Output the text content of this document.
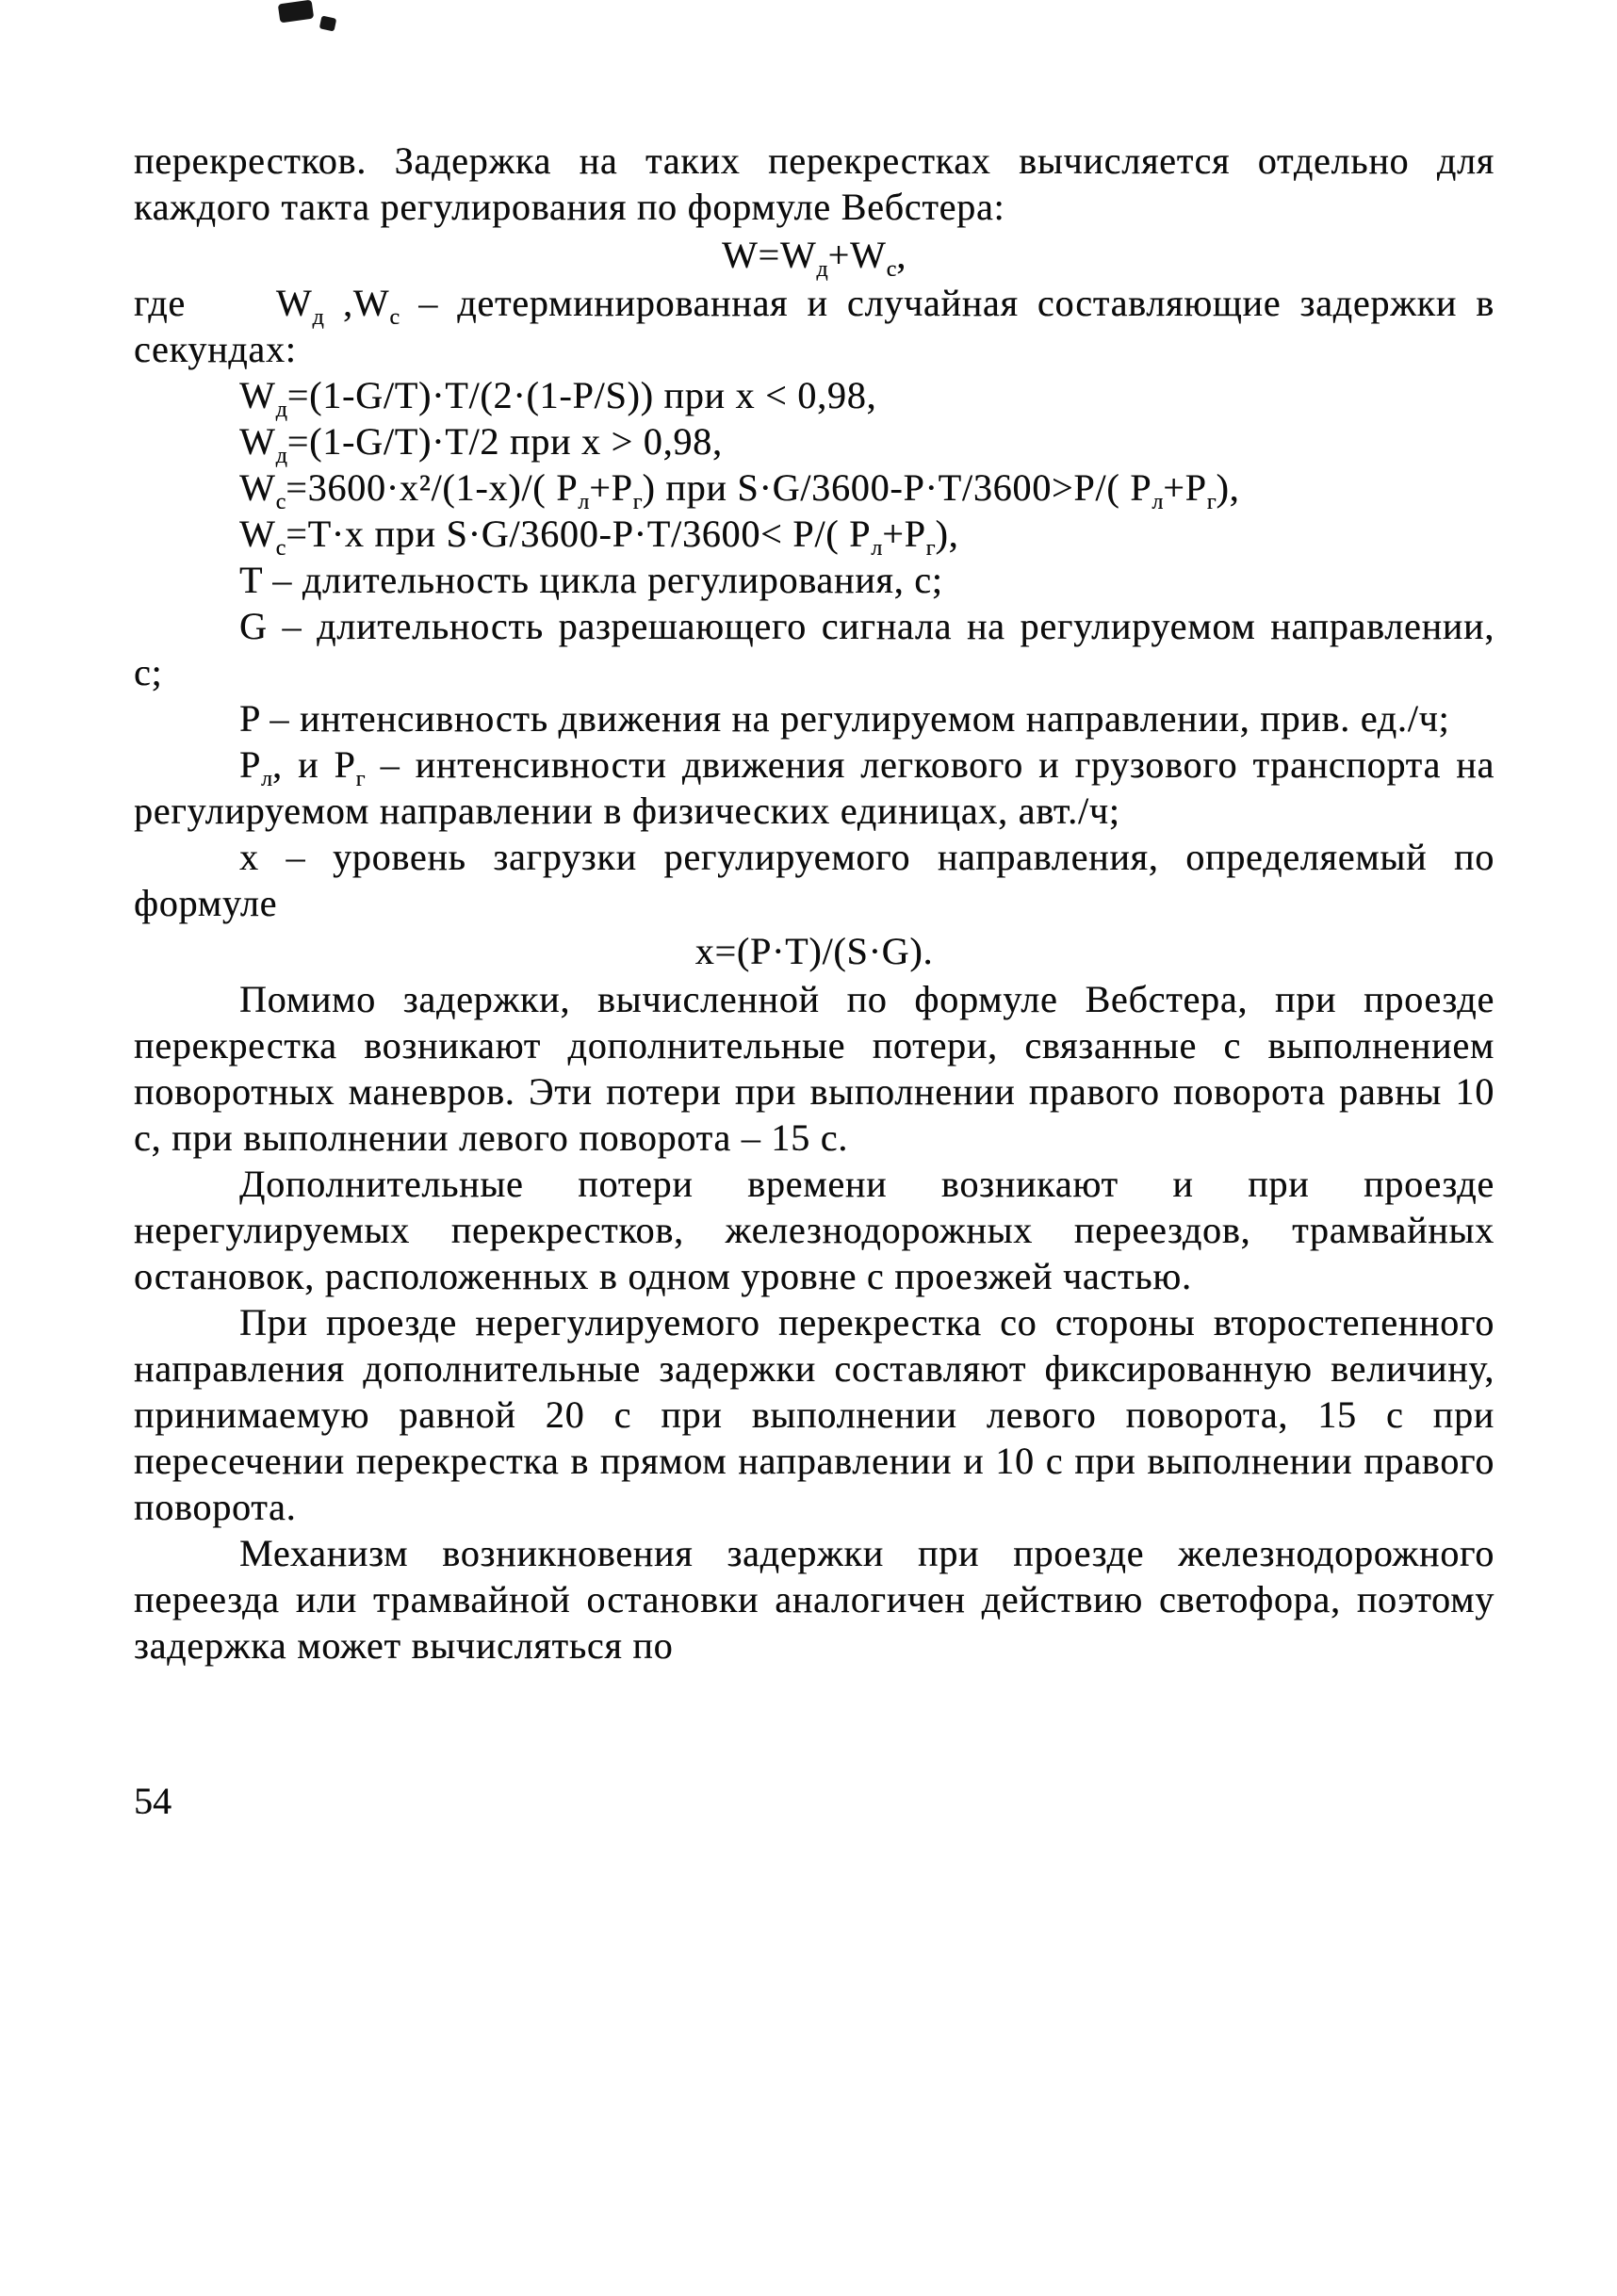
перекрестков. Задержка на таких перекрестках вычисляется отдельно для каждого такта регулирования по формуле Вебстера:

$W=W_д+W_с$,

где $W_д$ $,W_с$ – детерминированная и случайная составляющие задержки в секундах:

$W_д=(1-G/T)\cdot T/(2\cdot(1-P/S))$ при x < 0,98,
$W_д=(1-G/T)\cdot T/2$ при x > 0,98,
$W_с=3600\cdot x^2/(1-x)/$( $P_л+P_г$) при S·G/3600-P·T/3600>P/( $P_л+P_г$),
$W_с=T\cdot x$ при S·G/3600-P·T/3600< P/( $P_л+P_г$),

T – длительность цикла регулирования, с;

G – длительность разрешающего сигнала на регулируемом направлении, с;

P – интенсивность движения на регулируемом направлении, прив. ед./ч;

$P_л$, и $P_г$ – интенсивности движения легкового и грузового транспорта на регулируемом направлении в физических единицах, авт./ч;

x – уровень загрузки регулируемого направления, определяемый по формуле

x=(P·T)/(S·G).

Помимо задержки, вычисленной по формуле Вебстера, при проезде перекрестка возникают дополнительные потери, связанные с выполнением поворотных маневров. Эти потери при выполнении правого поворота равны 10 с, при выполнении левого поворота – 15 с.

Дополнительные потери времени возникают и при проезде нерегулируемых перекрестков, железнодорожных переездов, трамвайных остановок, расположенных в одном уровне с проезжей частью.

При проезде нерегулируемого перекрестка со стороны второстепенного направления дополнительные задержки составляют фиксированную величину, принимаемую равной 20 с при выполнении левого поворота, 15 с при пересечении перекрестка в прямом направлении и 10 с при выполнении правого поворота.

Механизм возникновения задержки при проезде железнодорожного переезда или трамвайной остановки аналогичен действию светофора, поэтому задержка может вычисляться по

54
